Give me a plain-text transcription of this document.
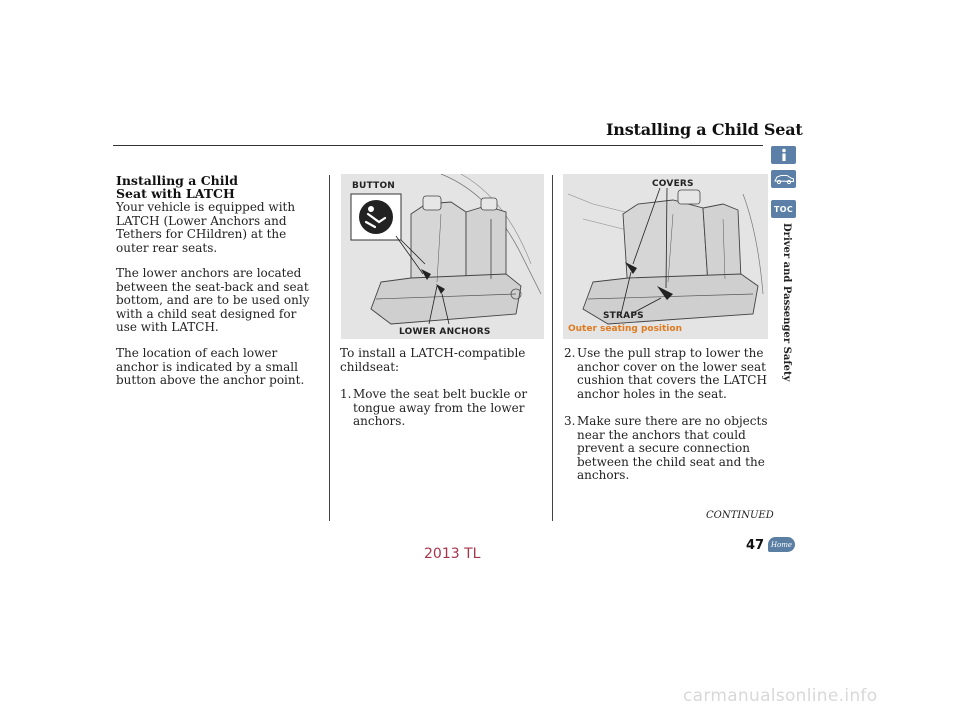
Installing a Child Seat
TOC
Driver and Passenger Safety
Installing a Child
Seat with LATCH
Your vehicle is equipped with LATCH (Lower Anchors and Tethers for CHildren) at the outer rear seats.
The lower anchors are located between the seat-back and seat bottom, and are to be used only with a child seat designed for use with LATCH.
The location of each lower anchor is indicated by a small button above the anchor point.
To install a LATCH-compatible childseat:
1. Move the seat belt buckle or tongue away from the lower anchors.
2. Use the pull strap to lower the anchor cover on the lower seat cushion that covers the LATCH anchor holes in the seat.
3. Make sure there are no objects near the anchors that could prevent a secure connection between the child seat and the anchors.
BUTTON
LOWER ANCHORS
COVERS
STRAPS
Outer seating position
CONTINUED
47 Home
2013 TL
carmanualsonline.info
